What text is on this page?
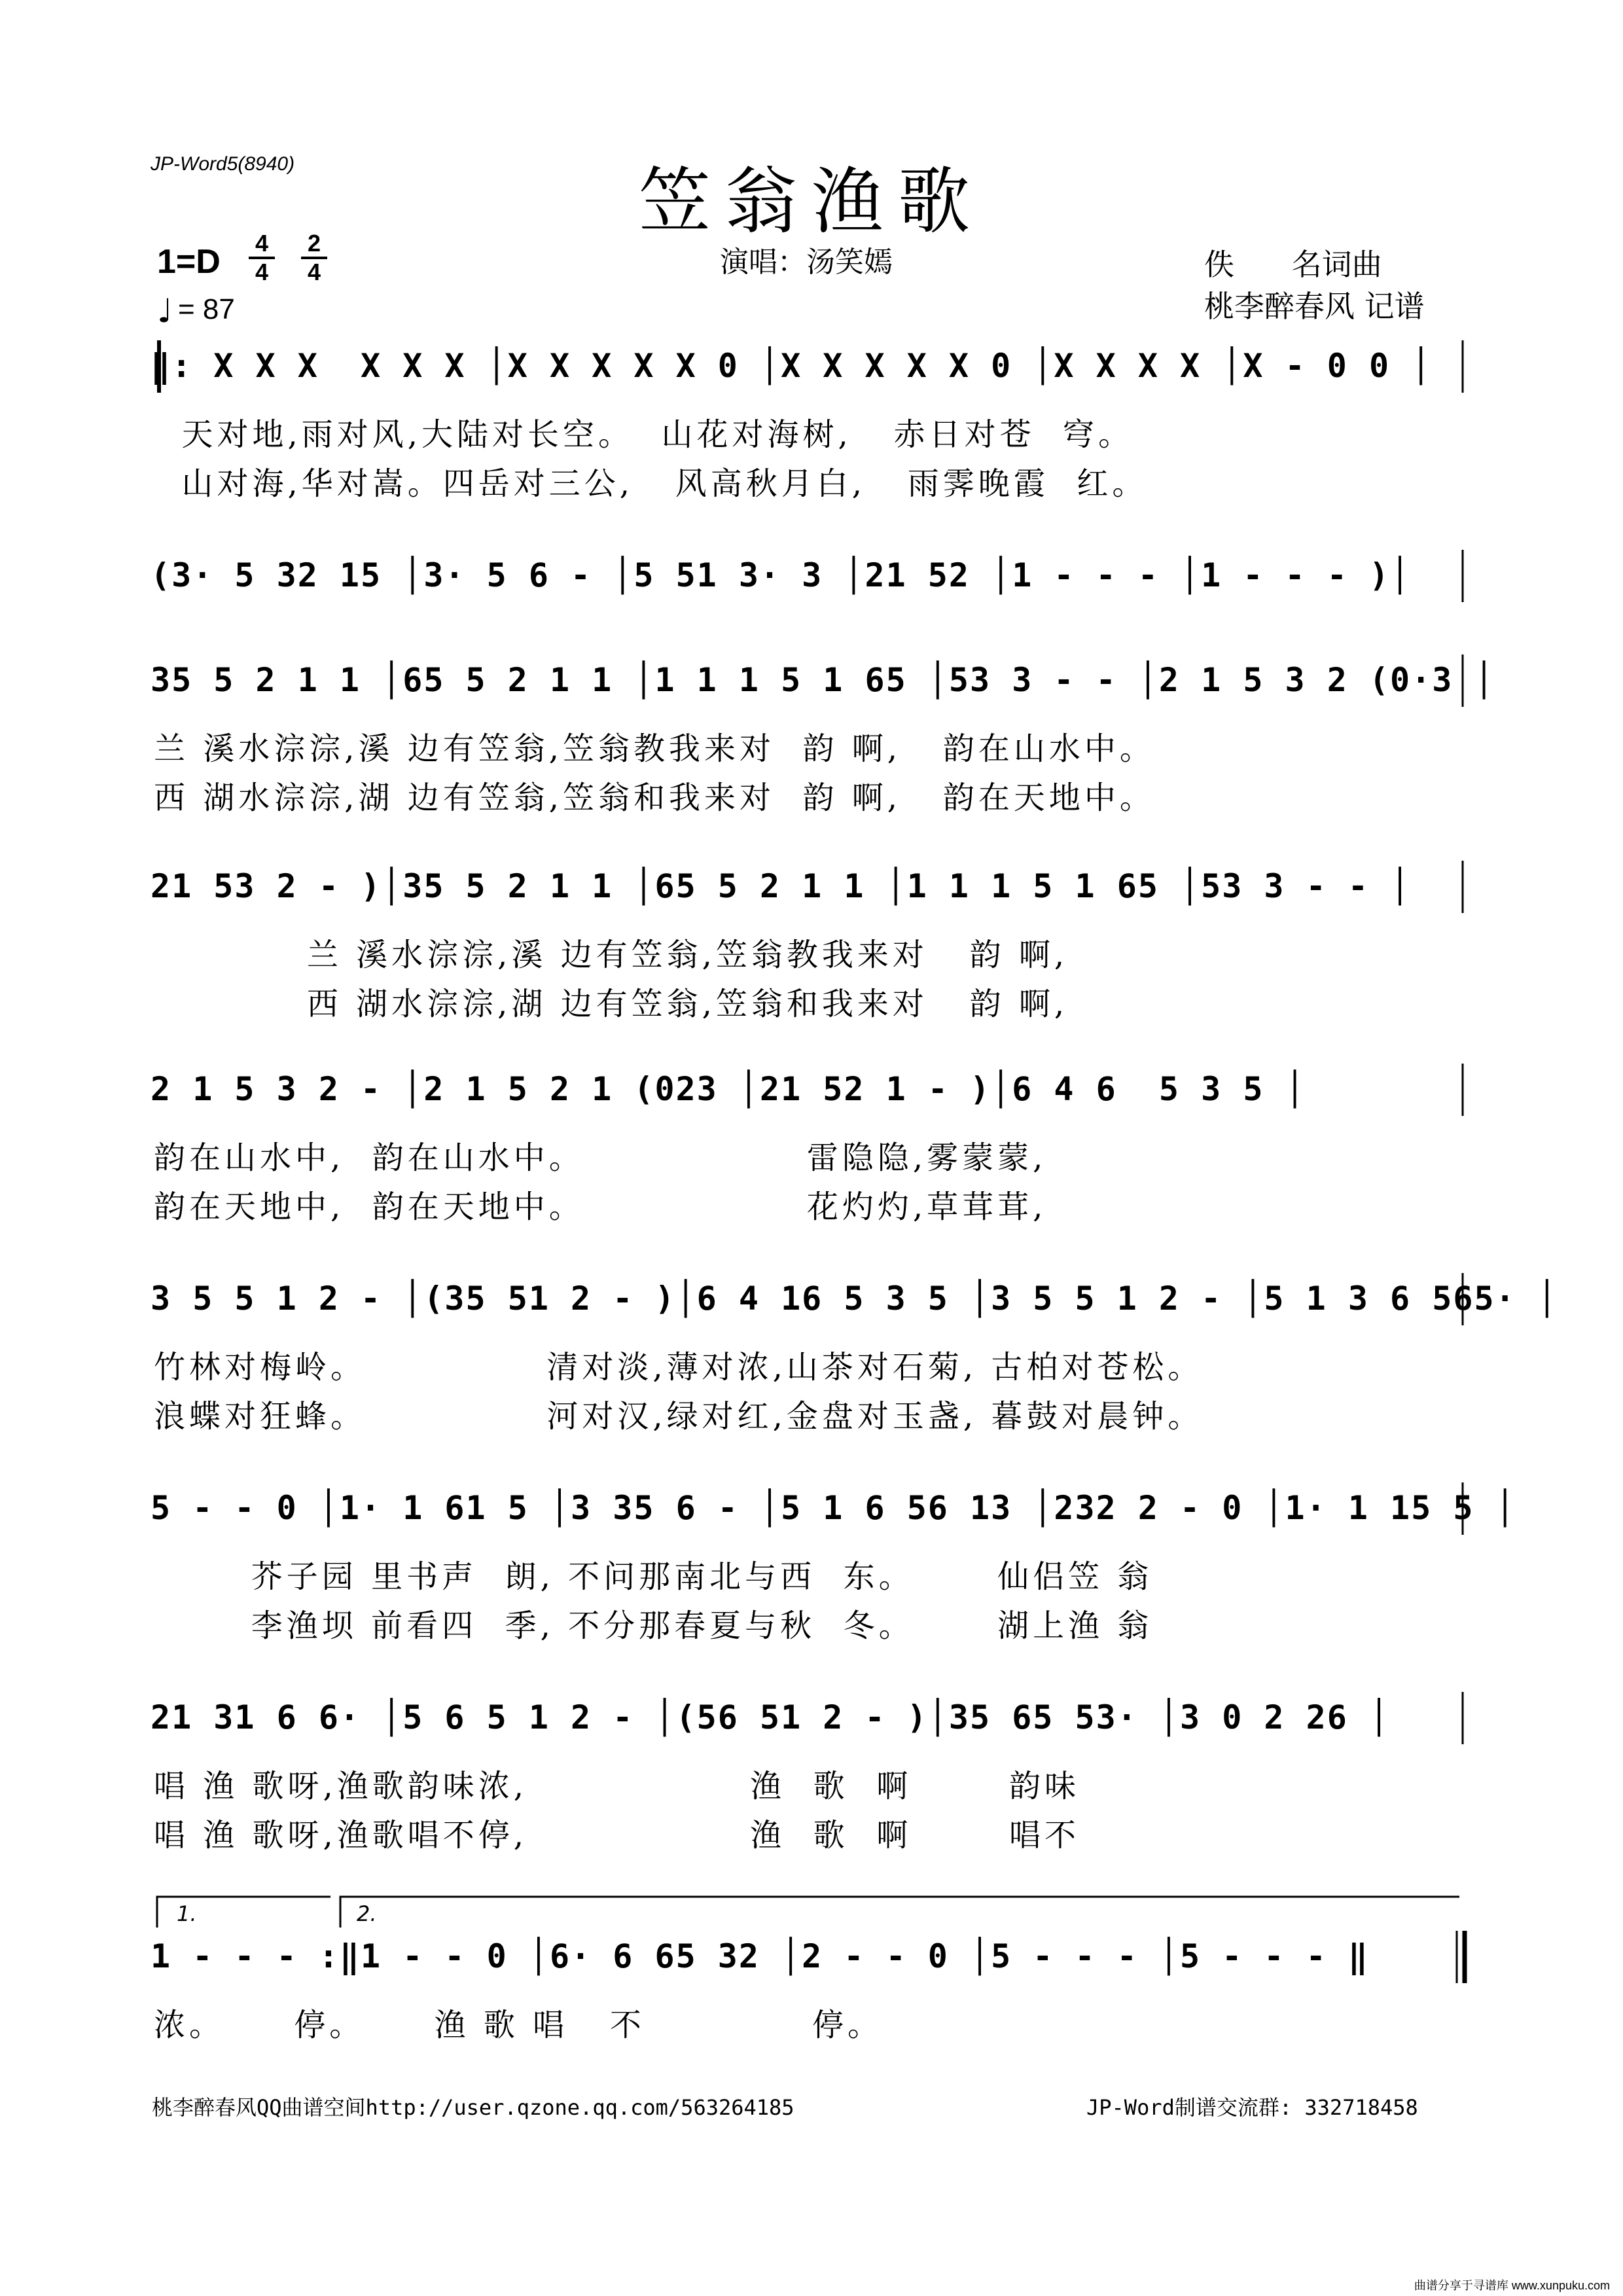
JP-Word5(8940)	笠翁渔歌
演唱：汤笑嫣
$1=D \frac{4}{4} \frac{2}{4}$
♩ = 87
佚      名词曲
桃李醉春风 记谱
‖: X X X  X X X │X X X X X 0 │X X X X X 0 │X X X X │X - 0 0 │
天对地,雨对风,大陆对长空。  山花对海树,   赤日对苍  穹。
山对海,华对嵩。四岳对三公,   风高秋月白,   雨霁晚霞  红。
(3· 5 32 15 │3· 5 6 - │5 51 3· 3 │21 52 │1 - - - │1 - - - )│
35 5 2 1 1 │65 5 2 1 1 │1 1 1 5 1 65 │53 3 - - │2 1 5 3 2 (0·3 │
兰 溪水淙淙,溪 边有笠翁,笠翁教我来对  韵 啊,   韵在山水中。
西 湖水淙淙,湖 边有笠翁,笠翁和我来对  韵 啊,   韵在天地中。
21 53 2 - )│35 5 2 1 1 │65 5 2 1 1 │1 1 1 5 1 65 │53 3 - - │
兰 溪水淙淙,溪 边有笠翁,笠翁教我来对   韵 啊,
西 湖水淙淙,湖 边有笠翁,笠翁和我来对   韵 啊,
2 1 5 3 2 - │2 1 5 2 1 (023 │21 52 1 - )│6 4 6  5 3 5 │
韵在山水中,  韵在山水中。                雷隐隐,雾蒙蒙,
韵在天地中,  韵在天地中。                花灼灼,草茸茸,
3 5 5 1 2 - │(35 51 2 - )│6 4 16 5 3 5 │3 5 5 1 2 - │5 1 3 6 565· │
竹林对梅岭。             清对淡,薄对浓,山茶对石菊, 古柏对苍松。
浪蝶对狂蜂。             河对汉,绿对红,金盘对玉盏, 暮鼓对晨钟。
5 - - 0 │1· 1 61 5 │3 35 6 - │5 1 6 56 13 │232 2 - 0 │1· 1 15 5 │
芥子园 里书声  朗, 不问那南北与西  东。      仙侣笠 翁
李渔坝 前看四  季, 不分那春夏与秋  冬。      湖上渔 翁
21 31 6 6· │5 6 5 1 2 - │(56 51 2 - )│35 65 53· │3 0 2 26 │
唱 渔 歌呀,渔歌韵味浓,                渔  歌  啊       韵味
唱 渔 歌呀,渔歌唱不停,                渔  歌  啊       唱不
1.	2.
1 - - - :‖1 - - 0 │6· 6 65 32 │2 - - 0 │5 - - - │5 - - - ‖
浓。     停。     渔 歌 唱   不            停。
桃李醉春风QQ曲谱空间http://user.qzone.qq.com/563264185	JP-Word制谱交流群: 332718458
曲谱分享于寻谱库 www.xunpuku.com
